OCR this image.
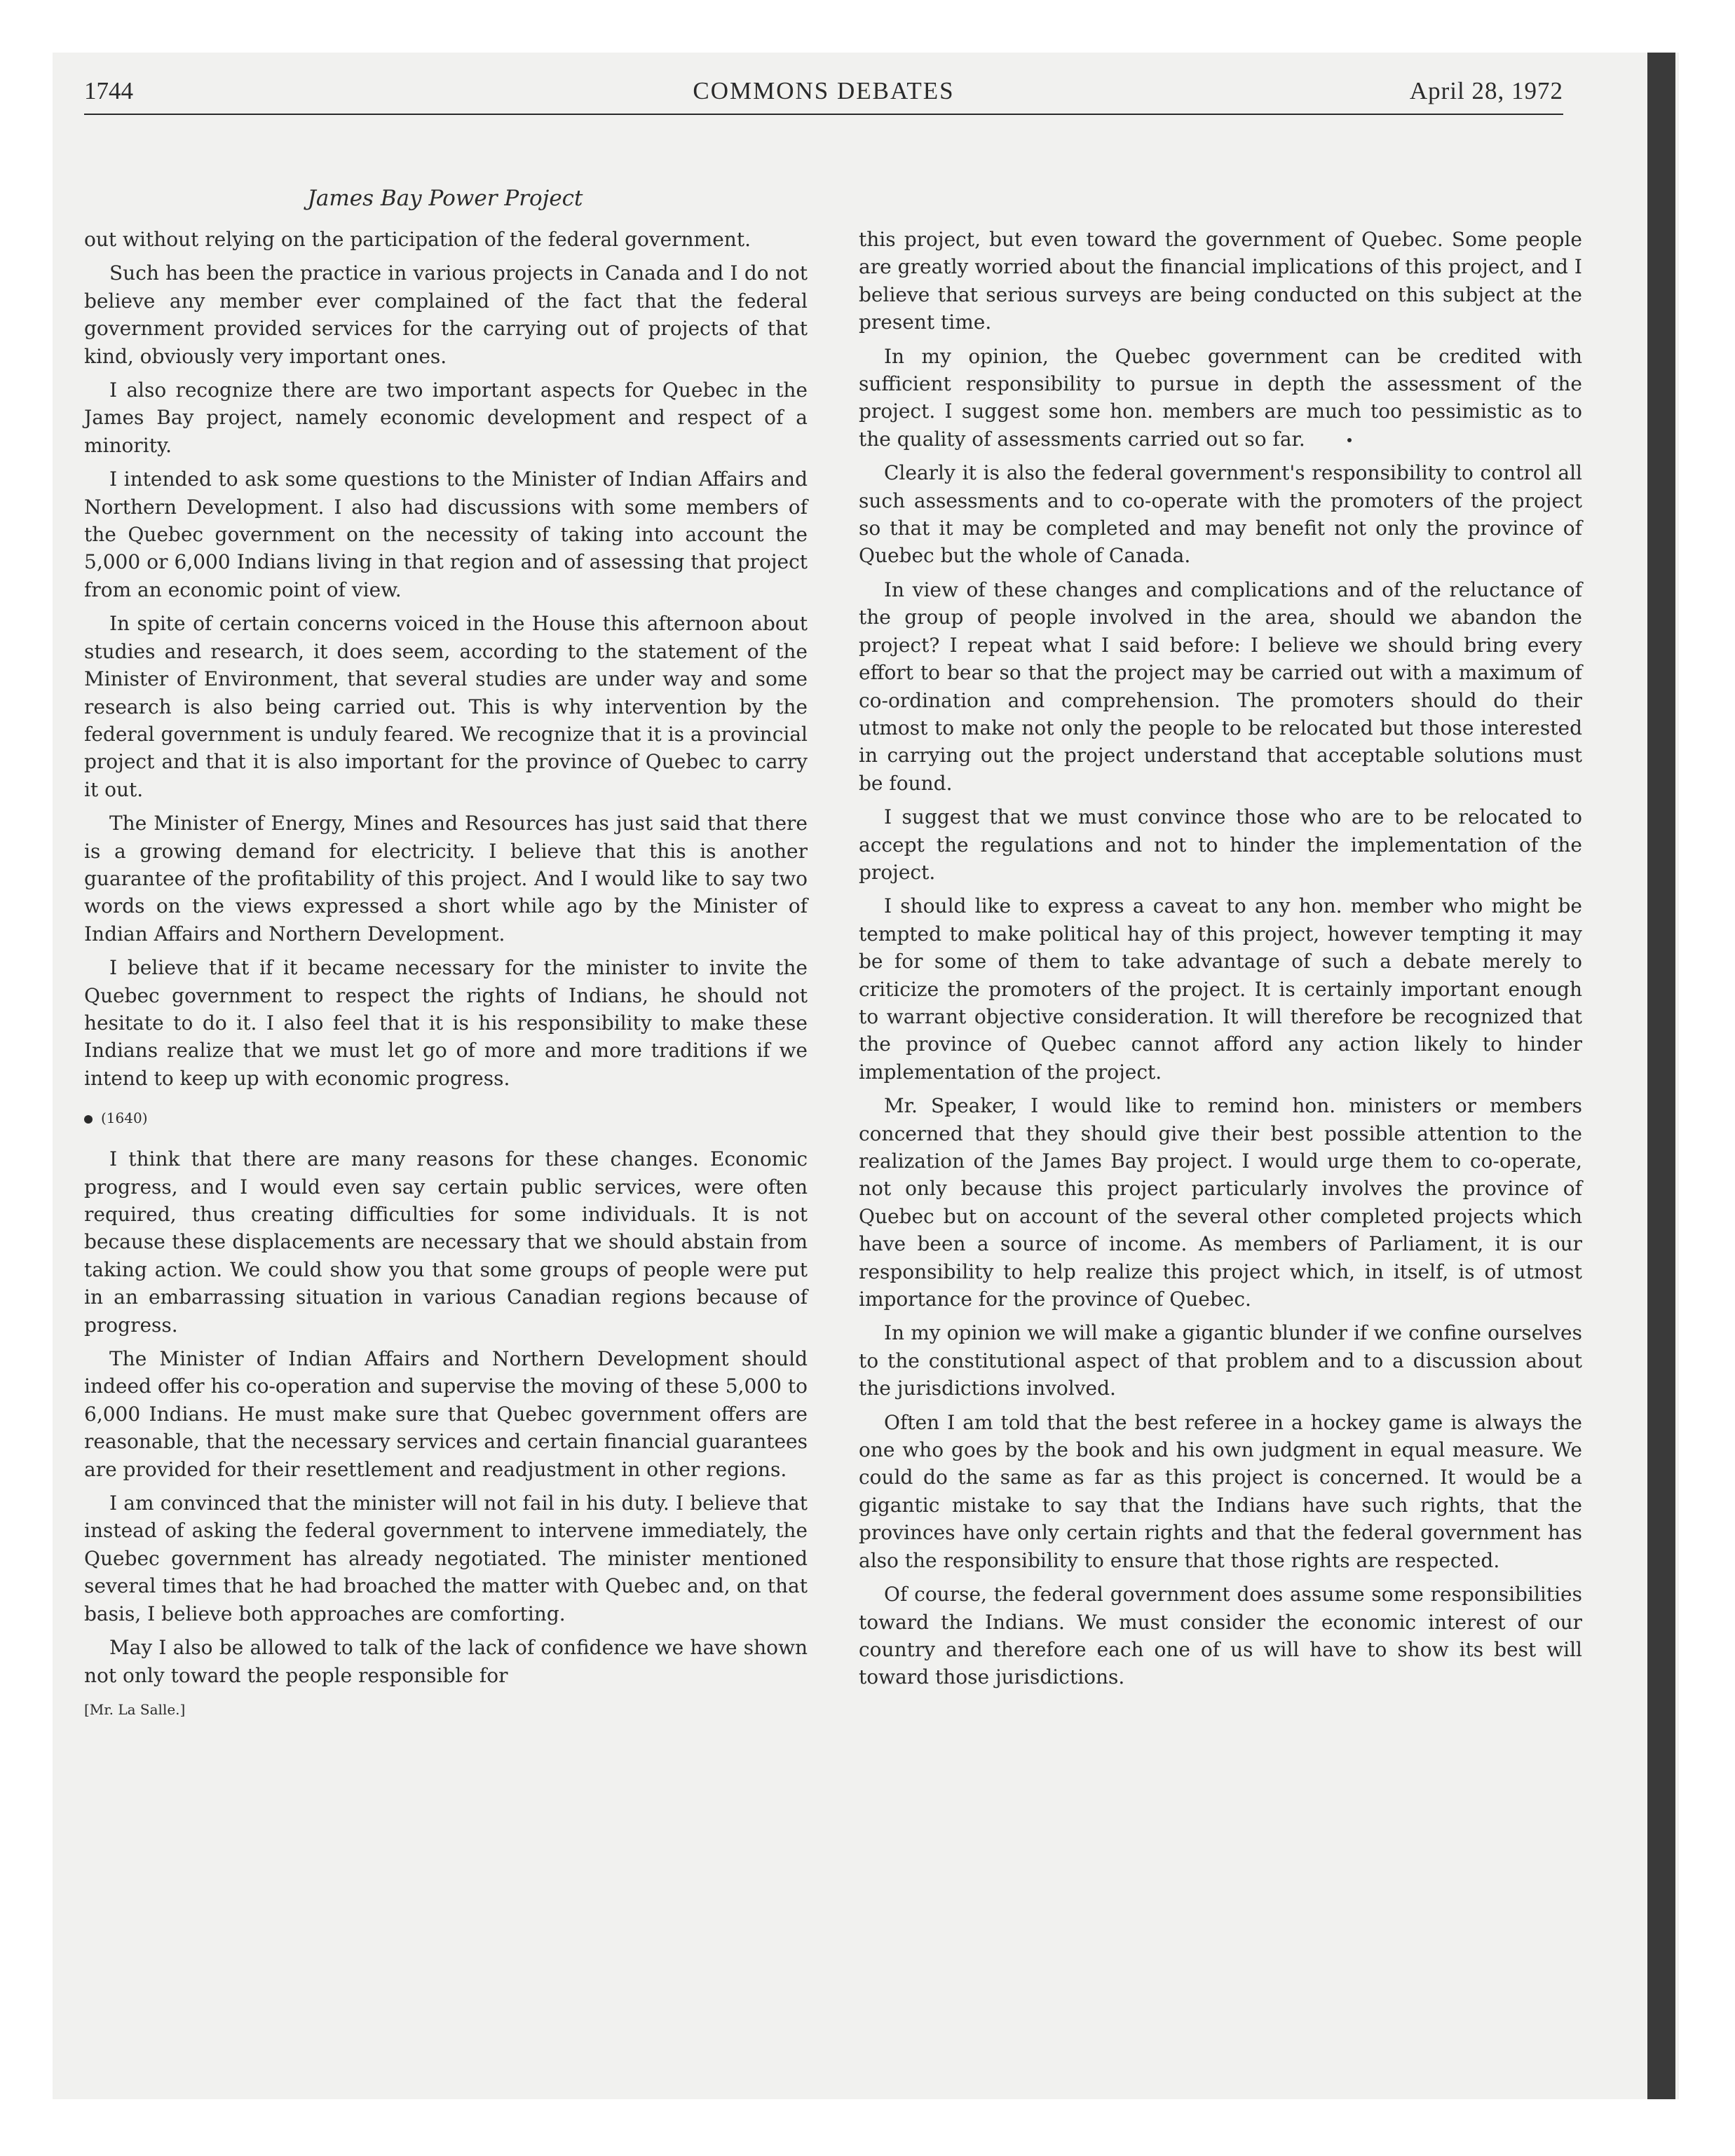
1744	COMMONS DEBATES	April 28, 1972
James Bay Power Project

out without relying on the participation of the federal government.

Such has been the practice in various projects in Canada and I do not believe any member ever complained of the fact that the federal government provided services for the carrying out of projects of that kind, obviously very important ones.

I also recognize there are two important aspects for Quebec in the James Bay project, namely economic development and respect of a minority.

I intended to ask some questions to the Minister of Indian Affairs and Northern Development. I also had discussions with some members of the Quebec government on the necessity of taking into account the 5,000 or 6,000 Indians living in that region and of assessing that project from an economic point of view.

In spite of certain concerns voiced in the House this afternoon about studies and research, it does seem, according to the statement of the Minister of Environment, that several studies are under way and some research is also being carried out. This is why intervention by the federal government is unduly feared. We recognize that it is a provincial project and that it is also important for the province of Quebec to carry it out.

The Minister of Energy, Mines and Resources has just said that there is a growing demand for electricity. I believe that this is another guarantee of the profitability of this project. And I would like to say two words on the views expressed a short while ago by the Minister of Indian Affairs and Northern Development.

I believe that if it became necessary for the minister to invite the Quebec government to respect the rights of Indians, he should not hesitate to do it. I also feel that it is his responsibility to make these Indians realize that we must let go of more and more traditions if we intend to keep up with economic progress.

(1640)

I think that there are many reasons for these changes. Economic progress, and I would even say certain public services, were often required, thus creating difficulties for some individuals. It is not because these displacements are necessary that we should abstain from taking action. We could show you that some groups of people were put in an embarrassing situation in various Canadian regions because of progress.

The Minister of Indian Affairs and Northern Development should indeed offer his co-operation and supervise the moving of these 5,000 to 6,000 Indians. He must make sure that Quebec government offers are reasonable, that the necessary services and certain financial guarantees are provided for their resettlement and readjustment in other regions.

I am convinced that the minister will not fail in his duty. I believe that instead of asking the federal government to intervene immediately, the Quebec government has already negotiated. The minister mentioned several times that he had broached the matter with Quebec and, on that basis, I believe both approaches are comforting.

May I also be allowed to talk of the lack of confidence we have shown not only toward the people responsible for

[Mr. La Salle.]

this project, but even toward the government of Quebec. Some people are greatly worried about the financial implications of this project, and I believe that serious surveys are being conducted on this subject at the present time.

In my opinion, the Quebec government can be credited with sufficient responsibility to pursue in depth the assessment of the project. I suggest some hon. members are much too pessimistic as to the quality of assessments carried out so far.

Clearly it is also the federal government's responsibility to control all such assessments and to co-operate with the promoters of the project so that it may be completed and may benefit not only the province of Quebec but the whole of Canada.

In view of these changes and complications and of the reluctance of the group of people involved in the area, should we abandon the project? I repeat what I said before: I believe we should bring every effort to bear so that the project may be carried out with a maximum of co-ordination and comprehension. The promoters should do their utmost to make not only the people to be relocated but those interested in carrying out the project understand that acceptable solutions must be found.

I suggest that we must convince those who are to be relocated to accept the regulations and not to hinder the implementation of the project.

I should like to express a caveat to any hon. member who might be tempted to make political hay of this project, however tempting it may be for some of them to take advantage of such a debate merely to criticize the promoters of the project. It is certainly important enough to warrant objective consideration. It will therefore be recognized that the province of Quebec cannot afford any action likely to hinder implementation of the project.

Mr. Speaker, I would like to remind hon. ministers or members concerned that they should give their best possible attention to the realization of the James Bay project. I would urge them to co-operate, not only because this project particularly involves the province of Quebec but on account of the several other completed projects which have been a source of income. As members of Parliament, it is our responsibility to help realize this project which, in itself, is of utmost importance for the province of Quebec.

In my opinion we will make a gigantic blunder if we confine ourselves to the constitutional aspect of that problem and to a discussion about the jurisdictions involved.

Often I am told that the best referee in a hockey game is always the one who goes by the book and his own judgment in equal measure. We could do the same as far as this project is concerned. It would be a gigantic mistake to say that the Indians have such rights, that the provinces have only certain rights and that the federal government has also the responsibility to ensure that those rights are respected.

Of course, the federal government does assume some responsibilities toward the Indians. We must consider the economic interest of our country and therefore each one of us will have to show its best will toward those jurisdictions.
